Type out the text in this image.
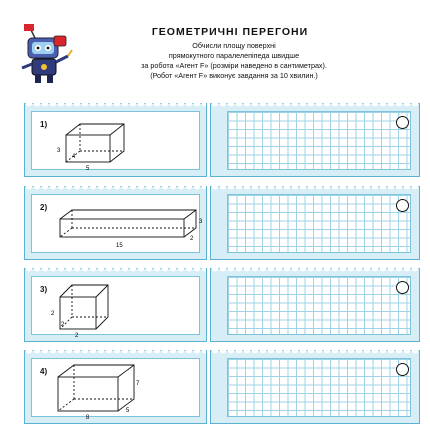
ГЕОМЕТРИЧНІ ПЕРЕГОНИ
Обчисли площу поверхні
прямокутного паралелепіпеда швидше
за робота «Агент F» (розміри наведено в сантиметрах).
(Робот «Агент F» виконує завдання за 10 хвилин.)
1)
3
4
5
2)
3
2
15
3)
2
2
2
4)
7
5
8
